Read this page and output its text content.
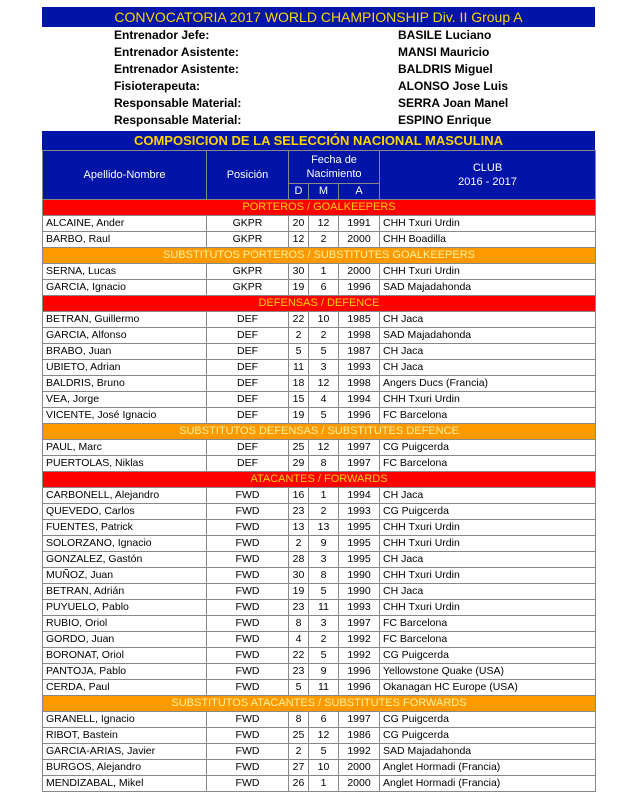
CONVOCATORIA 2017 WORLD CHAMPIONSHIP Div. II Group A
Entrenador Jefe:	BASILE Luciano
Entrenador Asistente:	MANSI Mauricio
Entrenador Asistente:	BALDRIS Miguel
Fisioterapeuta:	ALONSO Jose Luis
Responsable Material:	SERRA Joan Manel
Responsable Material:	ESPINO Enrique
COMPOSICION DE LA SELECCIÓN NACIONAL MASCULINA
Apellido-Nombre	Posición	Fecha de Nacimiento			CLUB
2016 - 2017

		D	M	A	
PORTEROS / GOALKEEPERS					
ALCAINE, Ander	GKPR	20	12	1991	CHH Txuri Urdin
BARBO, Raul	GKPR	12	2	2000	CHH Boadilla
SUBSTITUTOS PORTEROS / SUBSTITUTES GOALKEEPERS					
SERNA, Lucas	GKPR	30	1	2000	CHH Txuri Urdin
GARCIA, Ignacio	GKPR	19	6	1996	SAD Majadahonda
DEFENSAS / DEFENCE					
BETRAN, Guillermo	DEF	22	10	1985	CH Jaca
GARCIA, Alfonso	DEF	2	2	1998	SAD Majadahonda
BRABO, Juan	DEF	5	5	1987	CH Jaca
UBIETO, Adrian	DEF	11	3	1993	CH Jaca
BALDRIS, Bruno	DEF	18	12	1998	Angers Ducs (Francia)
VEA, Jorge	DEF	15	4	1994	CHH Txuri Urdin
VICENTE, José Ignacio	DEF	19	5	1996	FC Barcelona
SUBSTITUTOS DEFENSAS / SUBSTITUTES DEFENCE					
PAUL, Marc	DEF	25	12	1997	CG Puigcerda
PUERTOLAS, Niklas	DEF	29	8	1997	FC Barcelona
ATACANTES / FORWARDS					
CARBONELL, Alejandro	FWD	16	1	1994	CH Jaca
QUEVEDO, Carlos	FWD	23	2	1993	CG Puigcerda
FUENTES, Patrick	FWD	13	13	1995	CHH Txuri Urdin
SOLORZANO, Ignacio	FWD	2	9	1995	CHH Txuri Urdin
GONZALEZ, Gastón	FWD	28	3	1995	CH Jaca
MUÑOZ, Juan	FWD	30	8	1990	CHH Txuri Urdin
BETRAN, Adrián	FWD	19	5	1990	CH Jaca
PUYUELO, Pablo	FWD	23	11	1993	CHH Txuri Urdin
RUBIO, Oriol	FWD	8	3	1997	FC Barcelona
GORDO, Juan	FWD	4	2	1992	FC Barcelona
BORONAT, Oriol	FWD	22	5	1992	CG Puigcerda
PANTOJA, Pablo	FWD	23	9	1996	Yellowstone Quake (USA)
CERDA, Paul	FWD	5	11	1996	Okanagan HC Europe (USA)
SUBSTITUTOS ATACANTES / SUBSTITUTES FORWARDS					
GRANELL, Ignacio	FWD	8	6	1997	CG Puigcerda
RIBOT, Bastein	FWD	25	12	1986	CG Puigcerda
GARCIA-ARIAS, Javier	FWD	2	5	1992	SAD Majadahonda
BURGOS, Alejandro	FWD	27	10	2000	Anglet Hormadi (Francia)
MENDIZABAL, Mikel	FWD	26	1	2000	Anglet Hormadi (Francia)
